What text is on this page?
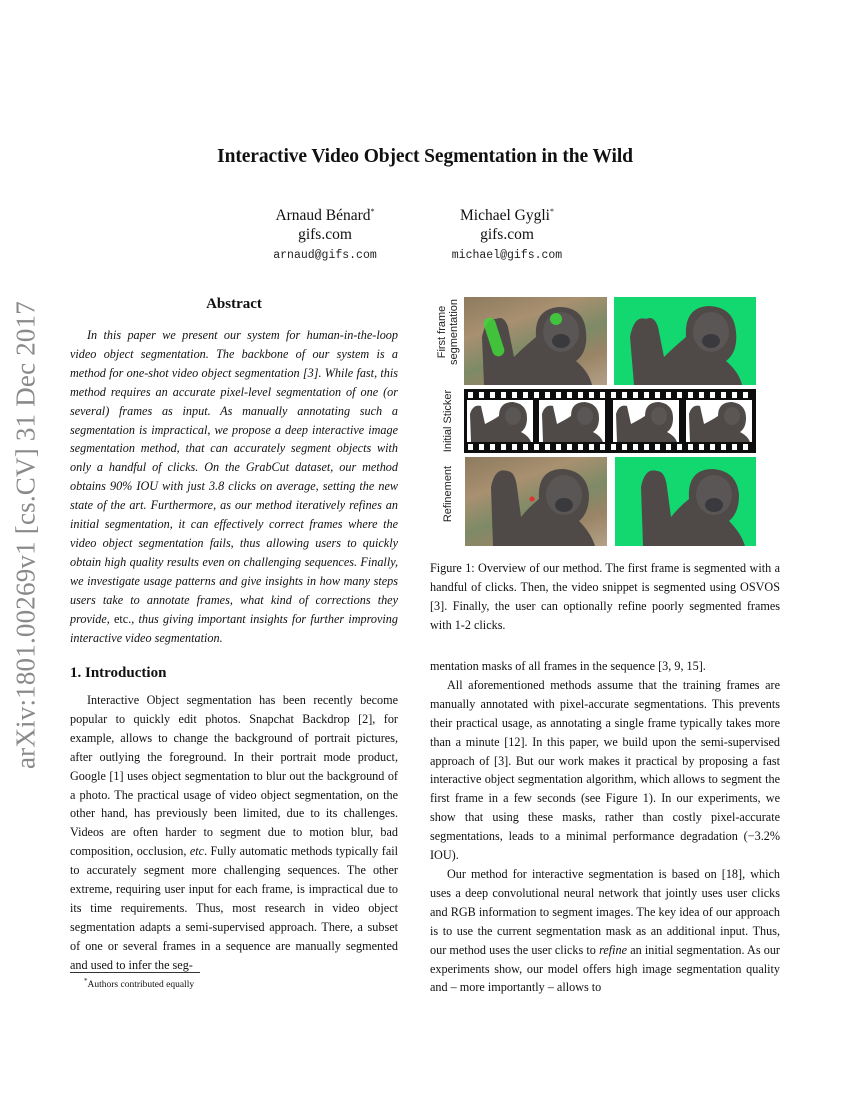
arXiv:1801.00269v1 [cs.CV] 31 Dec 2017
Interactive Video Object Segmentation in the Wild
Arnaud Bénard*
gifs.com
arnaud@gifs.com
Michael Gygli*
gifs.com
michael@gifs.com
Abstract
In this paper we present our system for human-in-the-loop video object segmentation. The backbone of our system is a method for one-shot video object segmentation [3]. While fast, this method requires an accurate pixel-level segmentation of one (or several) frames as input. As manually annotating such a segmentation is impractical, we propose a deep interactive image segmentation method, that can accurately segment objects with only a handful of clicks. On the GrabCut dataset, our method obtains 90% IOU with just 3.8 clicks on average, setting the new state of the art. Furthermore, as our method iteratively refines an initial segmentation, it can effectively correct frames where the video object segmentation fails, thus allowing users to quickly obtain high quality results even on challenging sequences. Finally, we investigate usage patterns and give insights in how many steps users take to annotate frames, what kind of corrections they provide, etc., thus giving important insights for further improving interactive video segmentation.
First frame segmentation
Initial Sticker
Refinement
Figure 1: Overview of our method. The first frame is segmented with a handful of clicks. Then, the video snippet is segmented using OSVOS [3]. Finally, the user can optionally refine poorly segmented frames with 1-2 clicks.
1. Introduction
Interactive Object segmentation has been recently become popular to quickly edit photos. Snapchat Backdrop [2], for example, allows to change the background of portrait pictures, after outlying the foreground. In their portrait mode product, Google [1] uses object segmentation to blur out the background of a photo. The practical usage of video object segmentation, on the other hand, has previously been limited, due to its challenges. Videos are often harder to segment due to motion blur, bad composition, occlusion, etc. Fully automatic methods typically fail to accurately segment more challenging sequences. The other extreme, requiring user input for each frame, is impractical due to its time requirements. Thus, most research in video object segmentation adapts a semi-supervised approach. There, a subset of one or several frames in a sequence are manually segmented and used to infer the seg-

mentation masks of all frames in the sequence [3, 9, 15].

All aforementioned methods assume that the training frames are manually annotated with pixel-accurate segmentations. This prevents their practical usage, as annotating a single frame typically takes more than a minute [12]. In this paper, we build upon the semi-supervised approach of [3]. But our work makes it practical by proposing a fast interactive object segmentation algorithm, which allows to segment the first frame in a few seconds (see Figure 1). In our experiments, we show that using these masks, rather than costly pixel-accurate segmentations, leads to a minimal performance degradation (−3.2% IOU).

Our method for interactive segmentation is based on [18], which uses a deep convolutional neural network that jointly uses user clicks and RGB information to segment images. The key idea of our approach is to use the current segmentation mask as an additional input. Thus, our method uses the user clicks to refine an initial segmentation. As our experiments show, our model offers high image segmentation quality and – more importantly – allows to

*Authors contributed equally
